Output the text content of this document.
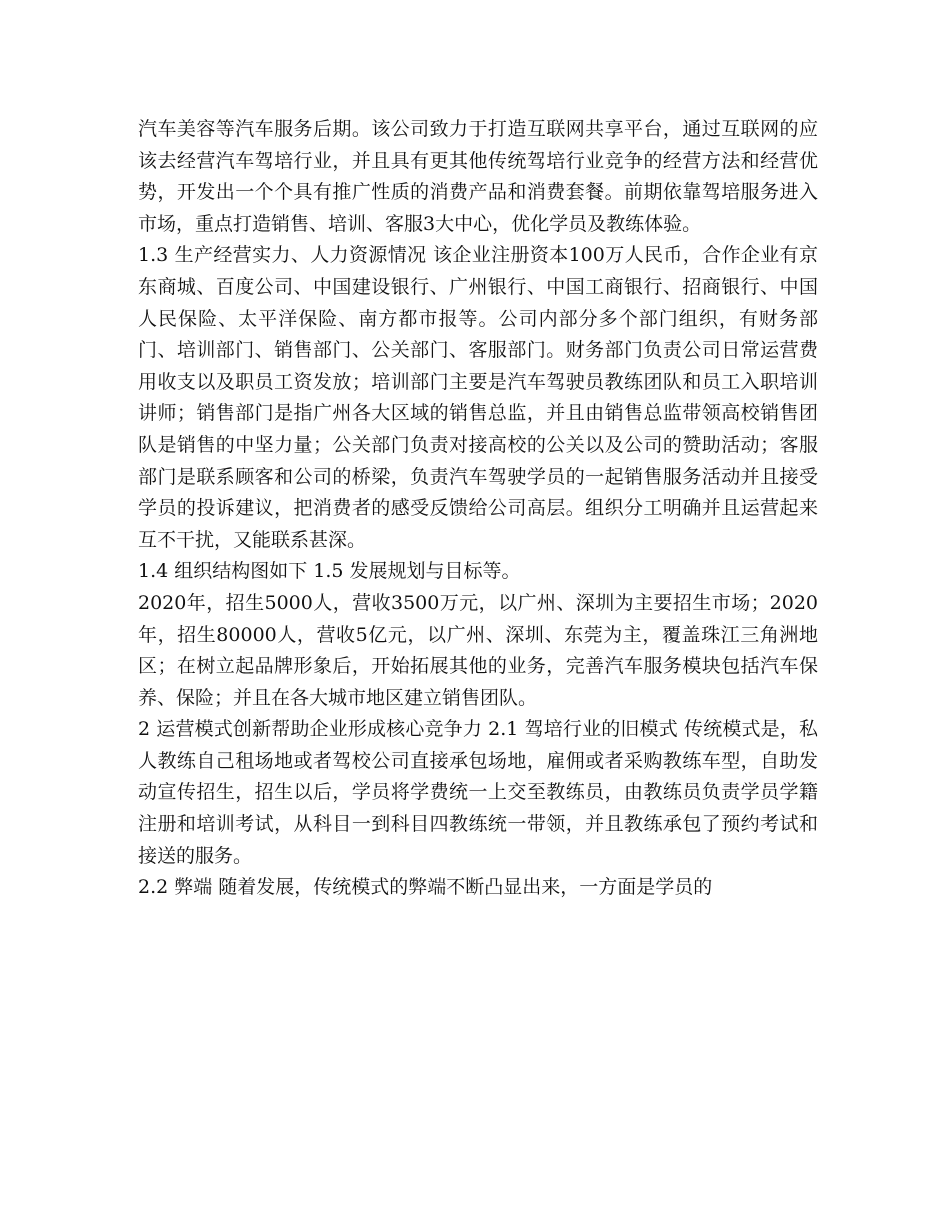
汽车美容等汽车服务后期。该公司致力于打造互联网共享平台，通过互联网的应该去经营汽车驾培行业，并且具有更其他传统驾培行业竞争的经营方法和经营优势，开发出一个个具有推广性质的消费产品和消费套餐。前期依靠驾培服务进入市场，重点打造销售、培训、客服3大中心，优化学员及教练体验。

1.3 生产经营实力、人力资源情况 该企业注册资本100万人民币，合作企业有京东商城、百度公司、中国建设银行、广州银行、中国工商银行、招商银行、中国人民保险、太平洋保险、南方都市报等。公司内部分多个部门组织，有财务部门、培训部门、销售部门、公关部门、客服部门。财务部门负责公司日常运营费用收支以及职员工资发放；培训部门主要是汽车驾驶员教练团队和员工入职培训讲师；销售部门是指广州各大区域的销售总监，并且由销售总监带领高校销售团队是销售的中坚力量；公关部门负责对接高校的公关以及公司的赞助活动；客服部门是联系顾客和公司的桥梁，负责汽车驾驶学员的一起销售服务活动并且接受学员的投诉建议，把消费者的感受反馈给公司高层。组织分工明确并且运营起来互不干扰，又能联系甚深。

1.4 组织结构图如下 1.5 发展规划与目标等。

2020年，招生5000人，营收3500万元，以广州、深圳为主要招生市场；2020年，招生80000人，营收5亿元，以广州、深圳、东莞为主，覆盖珠江三角洲地区；在树立起品牌形象后，开始拓展其他的业务，完善汽车服务模块包括汽车保养、保险；并且在各大城市地区建立销售团队。

2 运营模式创新帮助企业形成核心竞争力 2.1 驾培行业的旧模式 传统模式是，私人教练自己租场地或者驾校公司直接承包场地，雇佣或者采购教练车型，自助发动宣传招生，招生以后，学员将学费统一上交至教练员，由教练员负责学员学籍注册和培训考试，从科目一到科目四教练统一带领，并且教练承包了预约考试和接送的服务。

2.2 弊端 随着发展，传统模式的弊端不断凸显出来，一方面是学员的
